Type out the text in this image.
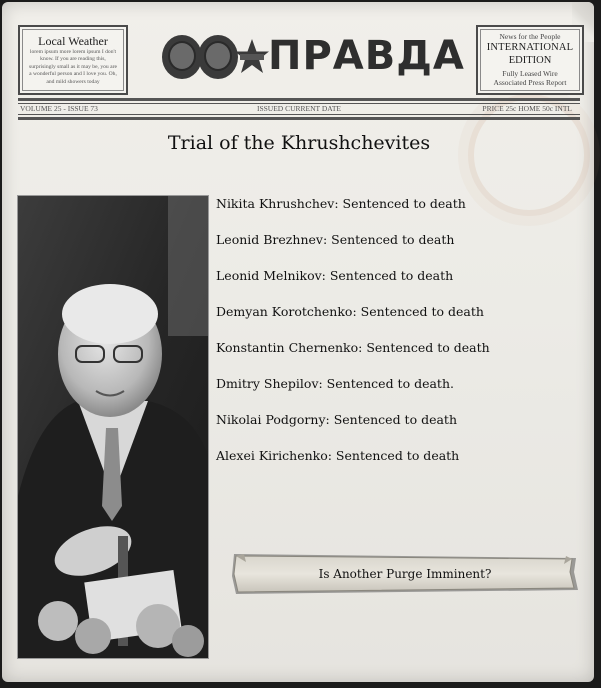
Local Weather
lorem ipsum more lorem ipsum I don't know. If you are reading this, surprisingly small as it may be, you are a wonderful person and I love you. Oh, and mild showers today
ПРАВДА	News for the People
INTERNATIONAL
EDITION
Fully Leased Wire
Associated Press Report
VOLUME 25 - ISSUE 73	ISSUED CURRENT DATE	PRICE 25c HOME 50c INTL
Trial of the Khrushchevites
Nikita Khrushchev: Sentenced to death
Leonid Brezhnev: Sentenced to death
Leonid Melnikov: Sentenced to death
Demyan Korotchenko: Sentenced to death
Konstantin Chernenko: Sentenced to death
Dmitry Shepilov: Sentenced to death.
Nikolai Podgorny: Sentenced to death
Alexei Kirichenko: Sentenced to death
Is Another Purge Imminent?
